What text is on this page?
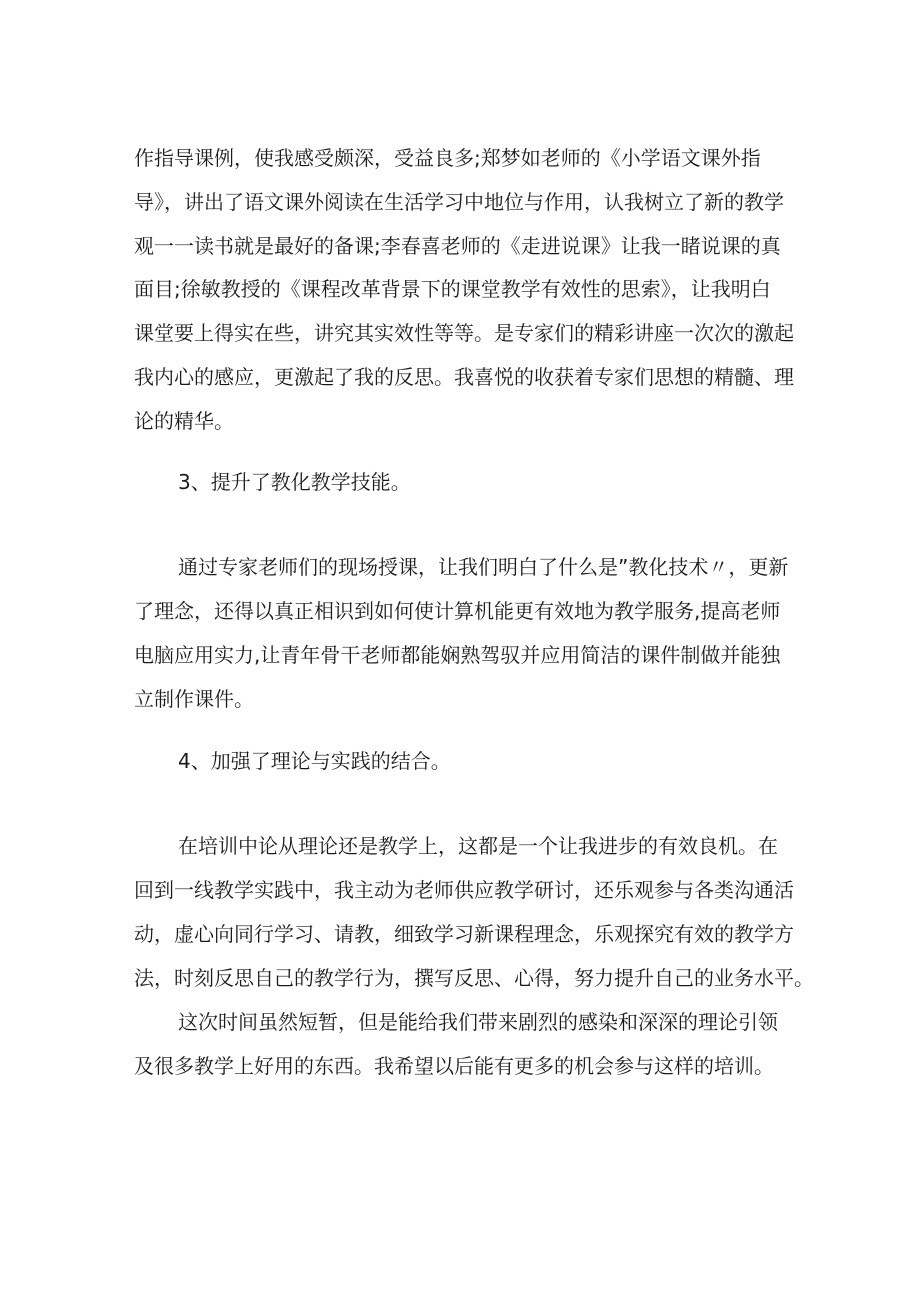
作指导课例，使我感受颇深，受益良多;郑梦如老师的《小学语文课外指

导》，讲出了语文课外阅读在生活学习中地位与作用，认我树立了新的教学

观一一读书就是最好的备课;李春喜老师的《走进说课》让我一睹说课的真

面目;徐敏教授的《课程改革背景下的课堂教学有效性的思索》，让我明白

课堂要上得实在些，讲究其实效性等等。是专家们的精彩讲座一次次的激起

我内心的感应，更激起了我的反思。我喜悦的收获着专家们思想的精髓、理

论的精华。

3、提升了教化教学技能。

通过专家老师们的现场授课，让我们明白了什么是”教化技术〃，更新

了理念，还得以真正相识到如何使计算机能更有效地为教学服务,提高老师

电脑应用实力,让青年骨干老师都能娴熟驾驭并应用简洁的课件制做并能独

立制作课件。

4、加强了理论与实践的结合。

在培训中论从理论还是教学上，这都是一个让我进步的有效良机。在

回到一线教学实践中，我主动为老师供应教学研讨，还乐观参与各类沟通活

动，虚心向同行学习、请教，细致学习新课程理念，乐观探究有效的教学方

法，时刻反思自己的教学行为，撰写反思、心得，努力提升自己的业务水平。

这次时间虽然短暂，但是能给我们带来剧烈的感染和深深的理论引领

及很多教学上好用的东西。我希望以后能有更多的机会参与这样的培训。
